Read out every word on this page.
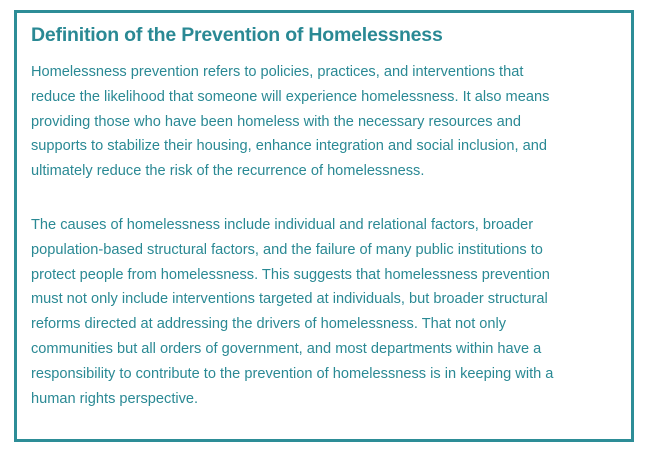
Definition of the Prevention of Homelessness

Homelessness prevention refers to policies, practices, and interventions that
reduce the likelihood that someone will experience homelessness. It also means
providing those who have been homeless with the necessary resources and
supports to stabilize their housing, enhance integration and social inclusion, and
ultimately reduce the risk of the recurrence of homelessness.

The causes of homelessness include individual and relational factors, broader
population-based structural factors, and the failure of many public institutions to
protect people from homelessness. This suggests that homelessness prevention
must not only include interventions targeted at individuals, but broader structural
reforms directed at addressing the drivers of homelessness. That not only
communities but all orders of government, and most departments within have a
responsibility to contribute to the prevention of homelessness is in keeping with a
human rights perspective.
